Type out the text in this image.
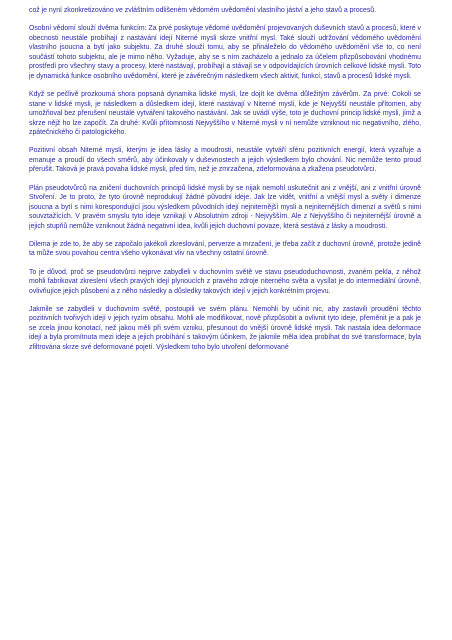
což je nyní zkonkretizováno ve zvláštním odlišeném vědomém uvědomění vlastního jáství a jeho stavů a procesů.

Osobní vědomí slouží dvěma funkcím: Za prvé poskytuje vědomé uvědomění projevovaných duševních stavů a procesů, které v obecnosti neustále probíhají z nastávání idejí Niterné mysli skrze vnitřní mysl. Také slouží udržování vědomého uvědomění vlastního jsoucna a bytí jako subjektu. Za druhé slouží tomu, aby se přináleželo do vědomého uvědomění vše to, co není součástí tohoto subjektu, ale je mimo něho. Vyžaduje, aby se s ním zacházelo a jednalo za účelem přizpůsobování vhodnému prostředí pro všechny stavy a procesy, které nastávají, probíhají a stávají se v odpovídajících úrovních celkové lidské mysli. Toto je dynamická funkce osobního uvědomění, které je závěrečným následkem všech aktivit, funkcí, stavů a procesů lidské mysli.

Když se pečlivě prozkoumá shora popsaná dynamika lidské mysli, lze dojít ke dvěma důležitým závěrům. Za prvé: Cokoli se stane v lidské mysli, je následkem a důsledkem idejí, které nastávají v Niterné mysli, kde je Nejvyšší neustále přítomen, aby umožňoval bez přerušení neustálé vytváření takového nastávání. Jak se uvádí výše, toto je duchovní princip lidské mysli, jímž a skrze nějž ho lze započít. Za druhé: Kvůli přítomnosti Nejvyššího v Niterné mysli v ní nemůže vzniknout nic negativního, zlého, zpátečnického či patologického.

Pozitivní obsah Niterné mysli, kterým je idea lásky a moudrosti, neustále vytváří sféru pozitivních energií, která vyzařuje a emanuje a proudí do všech směrů, aby účinkovaly v duševnostech a jejich výsledkem bylo chování. Nic nemůže tento proud přerušit. Taková je pravá povaha lidské mysli, před tím, než je zmrzačena, zdeformována a zkažena pseudotvůrci.

Plán pseudotvůrců na zničení duchovních principů lidské mysli by se nijak nemohl uskutečnit ani z vnější, ani z vnitřní úrovně Stvoření. Je to proto, že tyto úrovně neprodukují žádné původní ideje. Jak lze vidět, vnitřní a vnější mysl a světy i dimenze jsoucna a bytí s nimi korespondující jsou výsledkem původních idejí nejniternější mysli a nejniternějších dimenzí a světů s nimi souvztažících. V pravém smyslu tyto ideje vznikají v Absolutním zdroji - Nejvyšším. Ale z Nejvyššího či nejniternější úrovně a jejich stupňů nemůže vzniknout žádná negativní idea, kvůli jejich duchovní povaze, která sestává z lásky a moudrosti.

Dilema je zde to, že aby se započalo jakékoli zkreslování, perverze a mrzačení, je třeba začít z duchovní úrovně, protože jedině ta může svou povahou centra všeho vykonávat vliv na všechny ostatní úrovně.

To je důvod, proč se pseudotvůrci nejprve zabydleli v duchovním světě ve stavu pseudoduchovnosti, zvaném pekla, z něhož mohli fabrikovat zkreslení všech pravých idejí plynoucích z pravého zdroje niterného světa a vysílat je do intermediální úrovně, ovlivňujíce jejich působení a z něho následky a důsledky takových idejí v jejich konkrétním projevu.

Jakmile se zabydleli v duchovním světě, postoupili ve svém plánu. Nemohli by učinit nic, aby zastavili proudění těchto pozitivních tvořivých idejí v jejich ryzím obsahu. Mohli ale modifikovat, nově přizpůsobit a ovlivnit tyto ideje, přeměnit je a pak je se zcela jinou konotací, než jakou měli při svém vzniku, přesunout do vnější úrovně lidské mysli. Tak nastala idea deformace idejí a byla promítnuta mezi ideje a jejich probíhání s takovým účinkem, že jakmile měla idea probíhat do své transformace, byla zfiltrována skrze své deformované pojetí. Výsledkem toho bylo utvoření deformované
